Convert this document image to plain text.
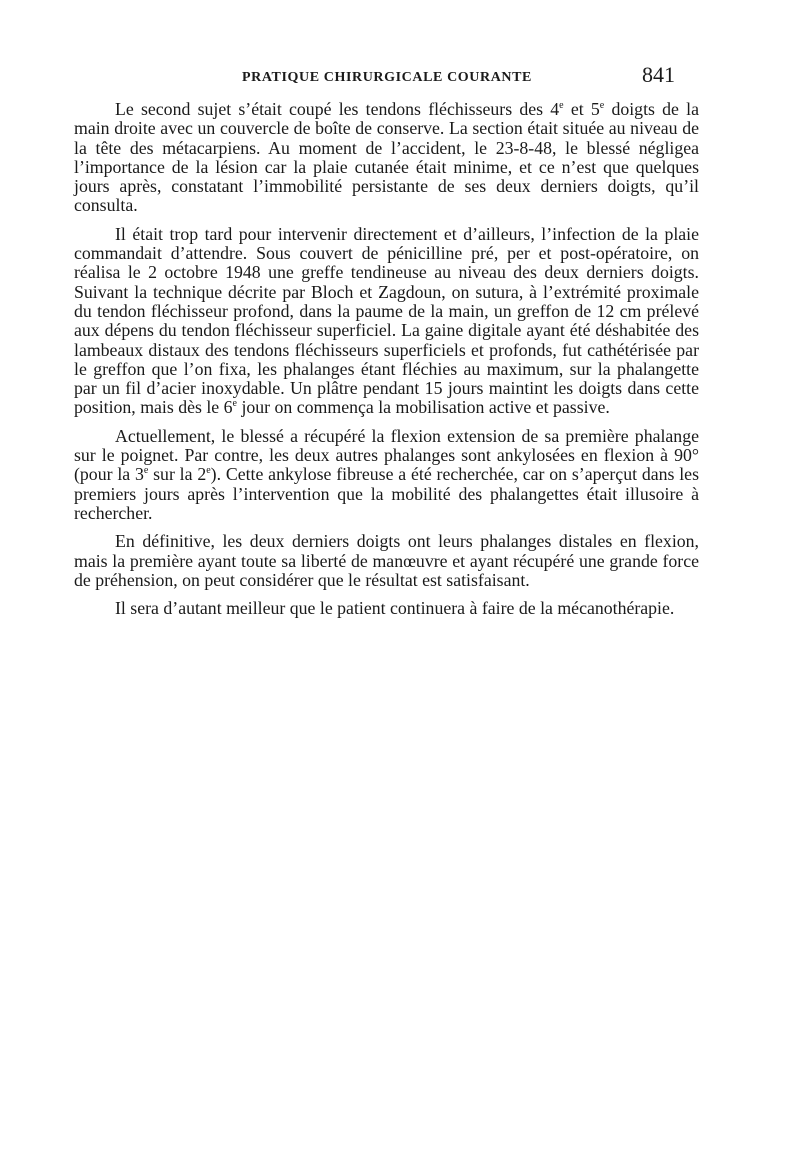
PRATIQUE CHIRURGICALE COURANTE	841

Le second sujet s’était coupé les tendons fléchisseurs des 4e et 5e doigts de la main droite avec un couvercle de boîte de conserve. La section était située au niveau de la tête des métacarpiens. Au moment de l’accident, le 23-8-48, le blessé négligea l’importance de la lésion car la plaie cutanée était minime, et ce n’est que quelques jours après, constatant l’immobilité persistante de ses deux derniers doigts, qu’il consulta.

Il était trop tard pour intervenir directement et d’ailleurs, l’infection de la plaie commandait d’attendre. Sous couvert de pénicilline pré, per et post-opératoire, on réalisa le 2 octobre 1948 une greffe tendineuse au niveau des deux derniers doigts. Suivant la technique décrite par Bloch et Zagdoun, on sutura, à l’extrémité proximale du tendon fléchisseur profond, dans la paume de la main, un greffon de 12 cm prélevé aux dépens du tendon fléchisseur superficiel. La gaine digitale ayant été déshabitée des lambeaux distaux des tendons fléchisseurs superficiels et profonds, fut cathétérisée par le greffon que l’on fixa, les phalanges étant fléchies au maximum, sur la phalangette par un fil d’acier inoxydable. Un plâtre pendant 15 jours maintint les doigts dans cette position, mais dès le 6e jour on commença la mobilisation active et passive.

Actuellement, le blessé a récupéré la flexion extension de sa première phalange sur le poignet. Par contre, les deux autres phalanges sont ankylosées en flexion à 90° (pour la 3e sur la 2e). Cette ankylose fibreuse a été recherchée, car on s’aperçut dans les premiers jours après l’intervention que la mobilité des phalangettes était illusoire à rechercher.

En définitive, les deux derniers doigts ont leurs phalanges distales en flexion, mais la première ayant toute sa liberté de manœuvre et ayant récupéré une grande force de préhension, on peut considérer que le résultat est satisfaisant.

Il sera d’autant meilleur que le patient continuera à faire de la mécanothérapie.
